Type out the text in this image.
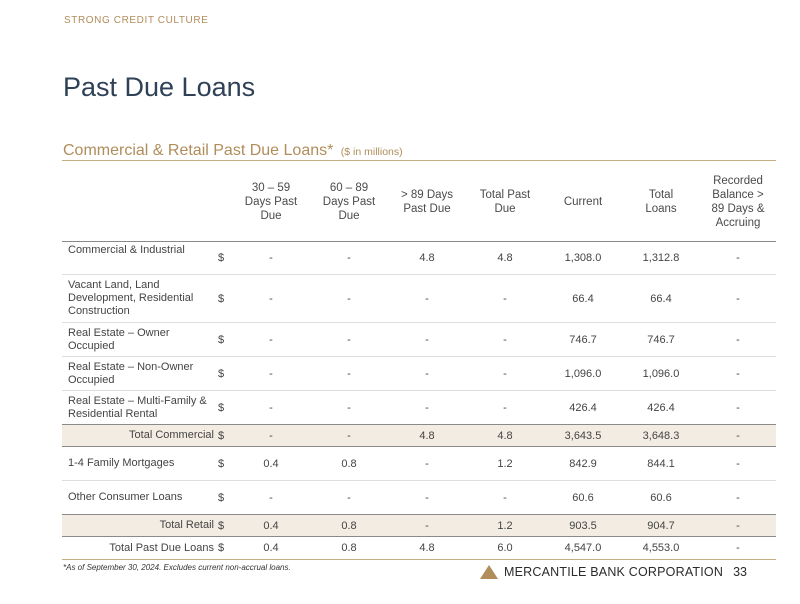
STRONG CREDIT CULTURE
Past Due Loans
Commercial & Retail Past Due Loans* ($ in millions)
		30 – 59 Days Past Due	60 – 89 Days Past Due	> 89 Days Past Due	Total Past Due	Current	Total Loans	Recorded Balance > 89 Days & Accruing
Commercial & Industrial	$	-	-	4.8	4.8	1,308.0	1,312.8	-
Vacant Land, Land Development, Residential Construction	$	-	-	-	-	66.4	66.4	-
Real Estate – Owner Occupied	$	-	-	-	-	746.7	746.7	-
Real Estate – Non-Owner Occupied	$	-	-	-	-	1,096.0	1,096.0	-
Real Estate – Multi-Family & Residential Rental	$	-	-	-	-	426.4	426.4	-
Total Commercial	$	-	-	4.8	4.8	3,643.5	3,648.3	-
1-4 Family Mortgages	$	0.4	0.8	-	1.2	842.9	844.1	-
Other Consumer Loans	$	-	-	-	-	60.6	60.6	-
Total Retail	$	0.4	0.8	-	1.2	903.5	904.7	-
Total Past Due Loans	$	0.4	0.8	4.8	6.0	4,547.0	4,553.0	-
*As of September 30, 2024. Excludes current non-accrual loans.	MERCANTILE BANK CORPORATION 33
